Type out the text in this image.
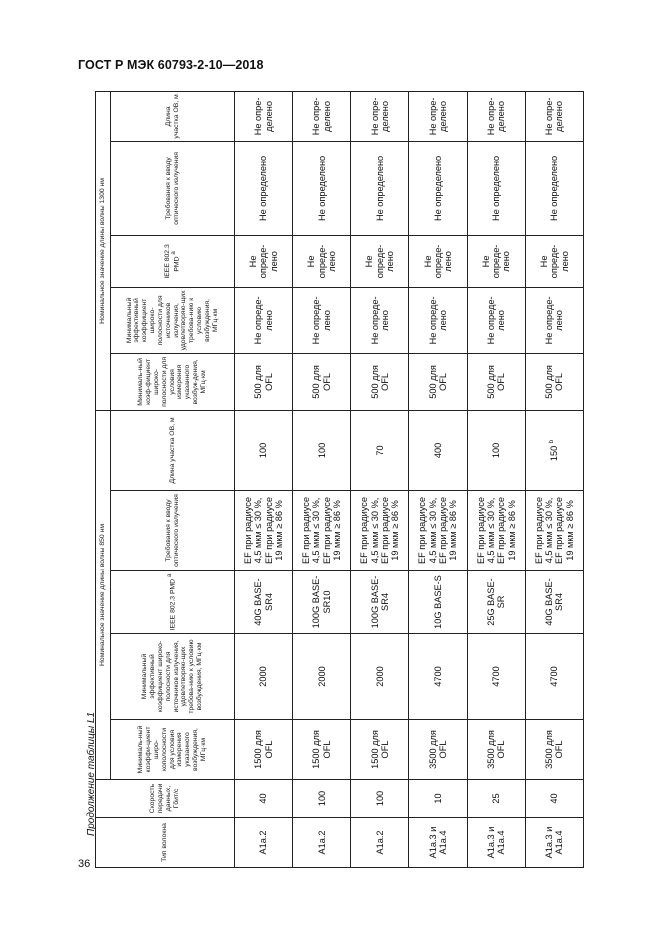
ГОСТ Р МЭК 60793-2-10—2018
Продолжение таблицы L1
36
Тип волокна	Скорость передачи данных, Гбит/с	Номинальное значение длины волны 850 нм					Номинальное значение длины волны 1300 нм				
		Минималь-ный коэффи-циент широ-кополосности для условия измерения указанного возбуждения, МГц·км	Минимальный эффективный коэффициент широко-полосности для источников излучения, удовлетворяю-щих требова-нию к условию возбуждения, МГц·км	IEEE 802.3 PMD $^a$	Требования к вводу оптического излучения	Длина участка ОВ, м	Минималь-ный коэф-фициент широко-полосности для условия измерения указанного возбуж-дения, МГц·км	Минимальный эффективный коэффициент широко-полосности для источников излучения, удовлетворяю-щих требова-нию к условию возбуждения, МГц·км	IEEE 802.3 PMD $^a$	Требования к вводу оптического излучения	Длина участка ОВ, м
A1a.2	40	1500 для OFL	2000	40G BASE-SR4	EF при радиусе 4,5 мкм ≤ 30 %, EF при радиусе 19 мкм ≥ 86 %	100	500 для OFL	Не опреде-лено	Не опреде-лено	Не определено	Не опре-делено
A1a.2	100	1500 для OFL	2000	100G BASE-SR10	EF при радиусе 4,5 мкм ≤ 30 %, EF при радиусе 19 мкм ≥ 86 %	100	500 для OFL	Не опреде-лено	Не опреде-лено	Не определено	Не опре-делено
A1a.2	100	1500 для OFL	2000	100G BASE-SR4	EF при радиусе 4,5 мкм ≤ 30 %, EF при радиусе 19 мкм ≥ 86 %	70	500 для OFL	Не опреде-лено	Не опреде-лено	Не определено	Не опре-делено
A1a.3 и A1a.4	10	3500 для OFL	4700	10G BASE-S	EF при радиусе 4,5 мкм ≤ 30 %, EF при радиусе 19 мкм ≥ 86 %	400	500 для OFL	Не опреде-лено	Не опреде-лено	Не определено	Не опре-делено
A1a.3 и A1a.4	25	3500 для OFL	4700	25G BASE-SR	EF при радиусе 4,5 мкм ≤ 30 %, EF при радиусе 19 мкм ≥ 86 %	100	500 для OFL	Не опреде-лено	Не опреде-лено	Не определено	Не опре-делено
A1a.3 и A1a.4	40	3500 для OFL	4700	40G BASE-SR4	EF при радиусе 4,5 мкм ≤ 30 %, EF при радиусе 19 мкм ≥ 86 %	150 $^b$	500 для OFL	Не опреде-лено	Не опреде-лено	Не определено	Не опре-делено
